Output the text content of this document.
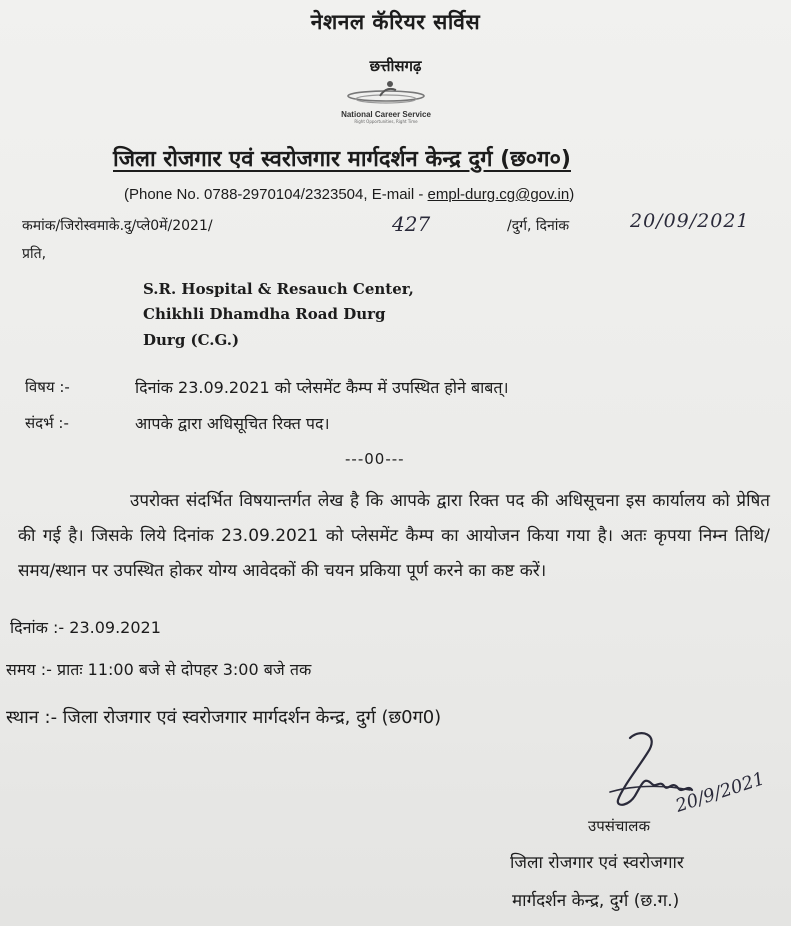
नेशनल कॅरियर सर्विस
छत्तीसगढ़
National Career Service
Right Opportunities, Right Time
जिला रोजगार एवं स्वरोजगार मार्गदर्शन केन्द्र दुर्ग (छ०ग०)
(Phone No. 0788-2970104/2323504, E-mail - empl-durg.cg@gov.in)
कमांक/जिरोस्वमाके.दु/प्ले0में/2021/	427	/दुर्ग, दिनांक	20/09/2021
प्रति,
S.R. Hospital & Resauch Center,
Chikhli Dhamdha Road Durg
Durg (C.G.)
विषय :-	दिनांक 23.09.2021 को प्लेसमेंट कैम्प में उपस्थित होने बाबत्।
संदर्भ :-	आपके द्वारा अधिसूचित रिक्त पद।
---00---

उपरोक्त संदर्भित विषयान्तर्गत लेख है कि आपके द्वारा रिक्त पद की अधिसूचना इस कार्यालय को प्रेषित की गई है। जिसके लिये दिनांक 23.09.2021 को प्लेसमेंट कैम्प का आयोजन किया गया है। अतः कृपया निम्न तिथि/समय/स्थान पर उपस्थित होकर योग्य आवेदकों की चयन प्रकिया पूर्ण करने का कष्ट करें।

दिनांक :- 23.09.2021
समय :- प्रातः 11:00 बजे से दोपहर 3:00 बजे तक
स्थान :- जिला रोजगार एवं स्वरोजगार मार्गदर्शन केन्द्र, दुर्ग (छ0ग0)
20/9/2021
उपसंचालक
जिला रोजगार एवं स्वरोजगार
मार्गदर्शन केन्द्र, दुर्ग (छ.ग.)
